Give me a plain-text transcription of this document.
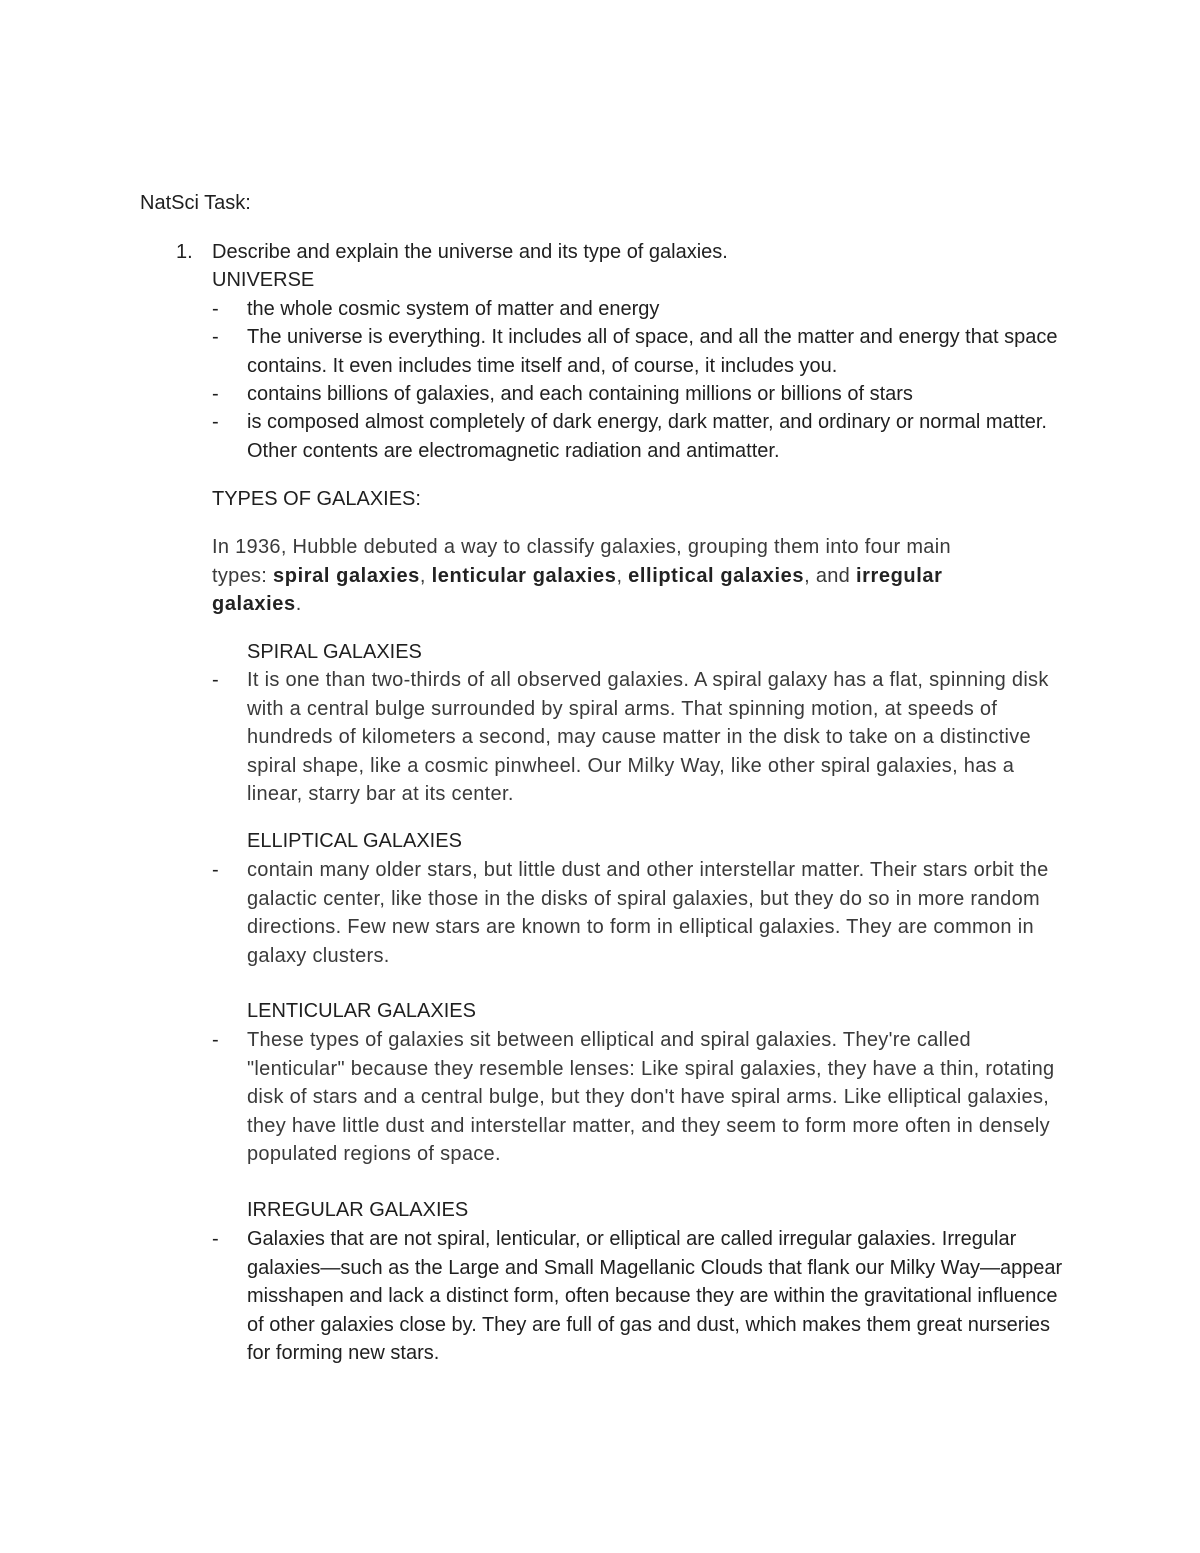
NatSci Task:
1. Describe and explain the universe and its type of galaxies.
UNIVERSE
-	the whole cosmic system of matter and energy
-	The universe is everything. It includes all of space, and all the matter and energy that space contains. It even includes time itself and, of course, it includes you.
-	contains billions of galaxies, and each containing millions or billions of stars
-	is composed almost completely of dark energy, dark matter, and ordinary or normal matter. Other contents are electromagnetic radiation and antimatter.
TYPES OF GALAXIES:
In 1936, Hubble debuted a way to classify galaxies, grouping them into four main types: spiral galaxies, lenticular galaxies, elliptical galaxies, and irregular galaxies.
SPIRAL GALAXIES
-	It is one than two-thirds of all observed galaxies. A spiral galaxy has a flat, spinning disk with a central bulge surrounded by spiral arms. That spinning motion, at speeds of hundreds of kilometers a second, may cause matter in the disk to take on a distinctive spiral shape, like a cosmic pinwheel. Our Milky Way, like other spiral galaxies, has a linear, starry bar at its center.
ELLIPTICAL GALAXIES
-	contain many older stars, but little dust and other interstellar matter. Their stars orbit the galactic center, like those in the disks of spiral galaxies, but they do so in more random directions. Few new stars are known to form in elliptical galaxies. They are common in galaxy clusters.
LENTICULAR GALAXIES
-	These types of galaxies sit between elliptical and spiral galaxies. They're called "lenticular" because they resemble lenses: Like spiral galaxies, they have a thin, rotating disk of stars and a central bulge, but they don't have spiral arms. Like elliptical galaxies, they have little dust and interstellar matter, and they seem to form more often in densely populated regions of space.
IRREGULAR GALAXIES
-	Galaxies that are not spiral, lenticular, or elliptical are called irregular galaxies. Irregular galaxies—such as the Large and Small Magellanic Clouds that flank our Milky Way—appear misshapen and lack a distinct form, often because they are within the gravitational influence of other galaxies close by. They are full of gas and dust, which makes them great nurseries for forming new stars.
